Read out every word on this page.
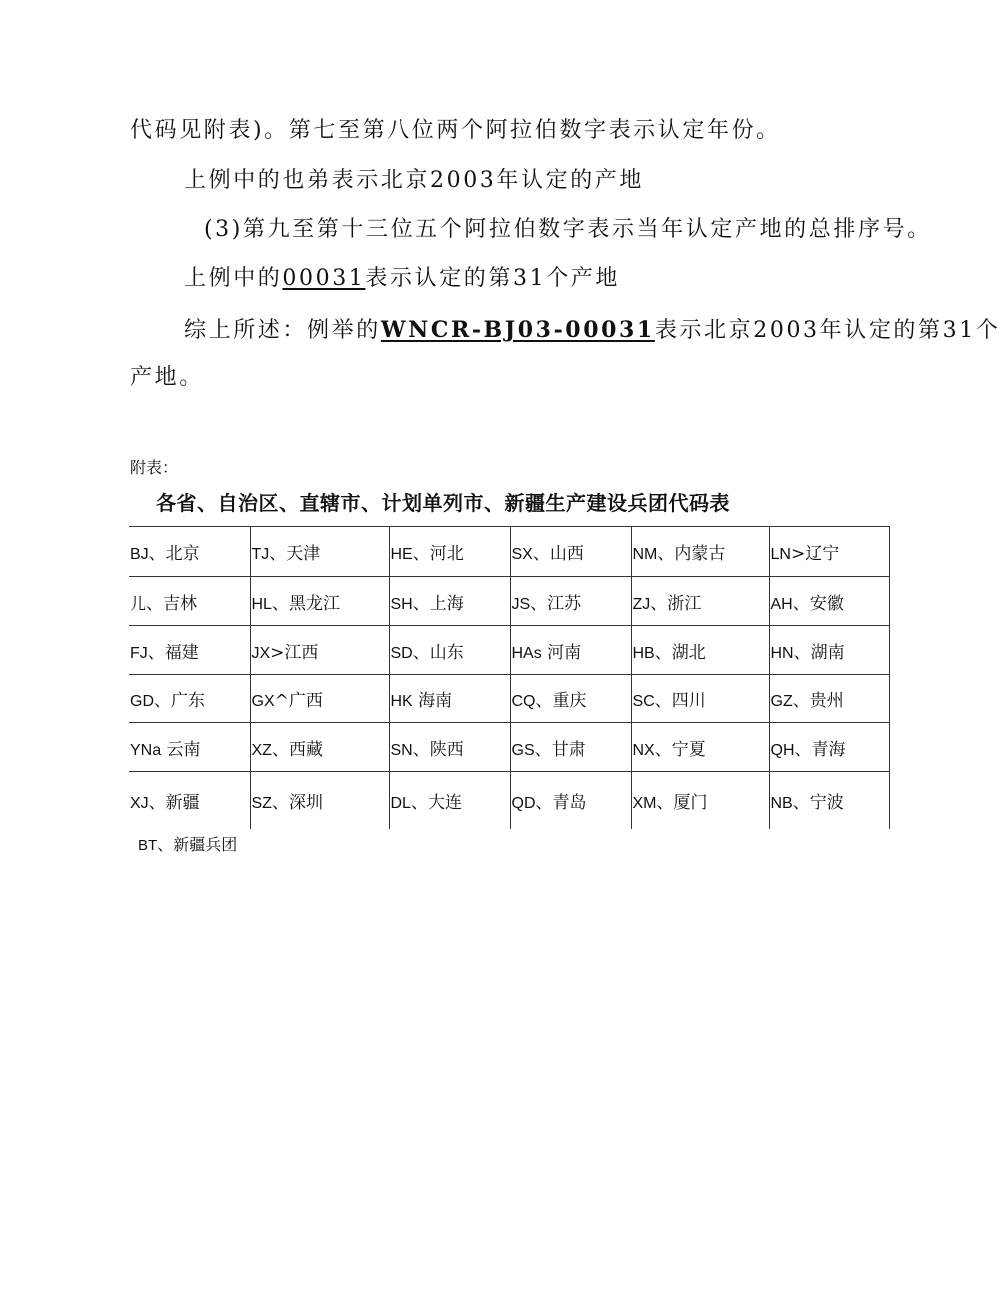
代码见附表)。第七至第八位两个阿拉伯数字表示认定年份。
上例中的也弟表示北京2003年认定的产地
(3)第九至第十三位五个阿拉伯数字表示当年认定产地的总排序号。
上例中的00031表示认定的第31个产地
综上所述：例举的WNCR-BJ03-00031表示北京2003年认定的第31个
产地。
附表：
各省、自治区、直辖市、计划单列市、新疆生产建设兵团代码表
BJ、北京	TJ、天津	HE、河北	SX、山西	NM、内蒙古	LN>辽宁
儿、吉林	HL、黑龙江	SH、上海	JS、江苏	ZJ、浙江	AH、安徽
FJ、福建	JX>江西	SD、山东	HAs 河南	HB、湖北	HN、湖南
GD、广东	GX^广西	HK 海南	CQ、重庆	SC、四川	GZ、贵州
YNa 云南	XZ、西藏	SN、陕西	GS、甘肃	NX、宁夏	QH、青海
XJ、新疆	SZ、深圳	DL、大连	QD、青岛	XM、厦门	NB、宁波
BT、新疆兵团
